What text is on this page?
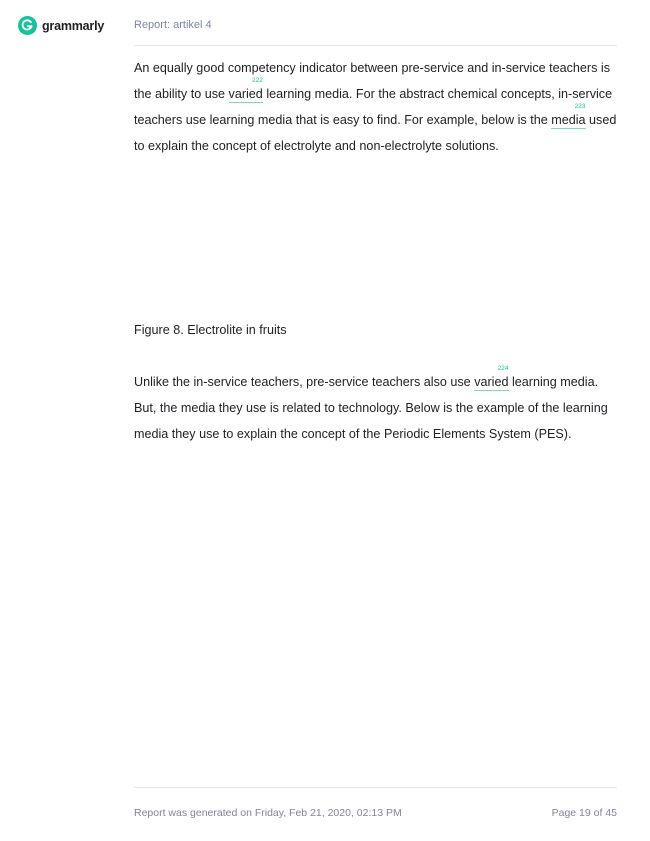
grammarly	Report: artikel 4

An equally good competency indicator between pre-service and in-service teachers is the ability to use varied
222
learning media. For the abstract chemical concepts, in-service teachers use learning media that is easy to find. For example, below is the media
223
used to explain the concept of electrolyte and non-electrolyte solutions.

Figure 8. Electrolite in fruits

Unlike the in-service teachers, pre-service teachers also use varied
224
learning media. But, the media they use is related to technology. Below is the example of the learning media they use to explain the concept of the Periodic Elements System (PES).

Report was generated on Friday, Feb 21, 2020, 02:13 PM	Page 19 of 45
